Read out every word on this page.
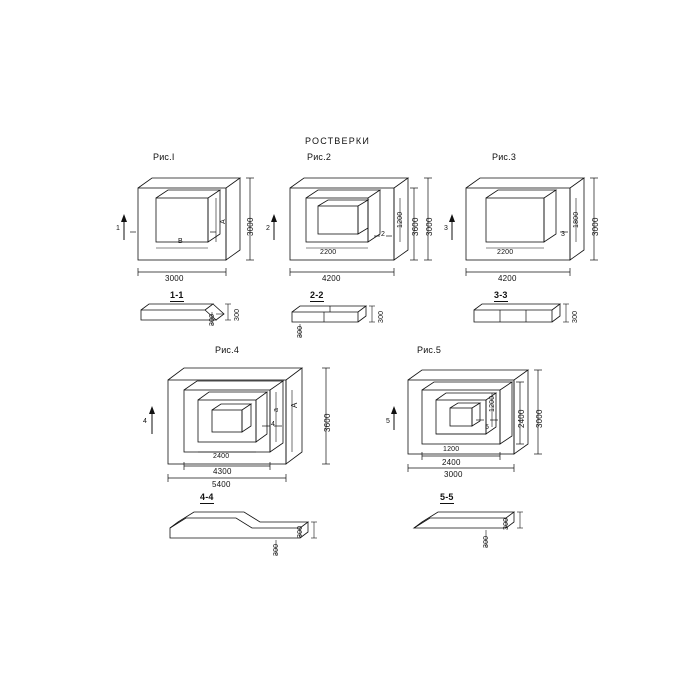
РОСТВЕРКИ
Рис.I
1
B
A
3000
3000
1-1
300	300
Рис.2
2
2
2200
4200
1200 3600 3000
2-2
300
300
Рис.3
3
3
2200
4200
1800 3000
3-3
300
Рис.4
4	4
2400
4300
5400
a
A
3600
4-4
300
300
Рис.5
5
5
1200
2400
3000
1200
2400 3000
5-5
300
300
